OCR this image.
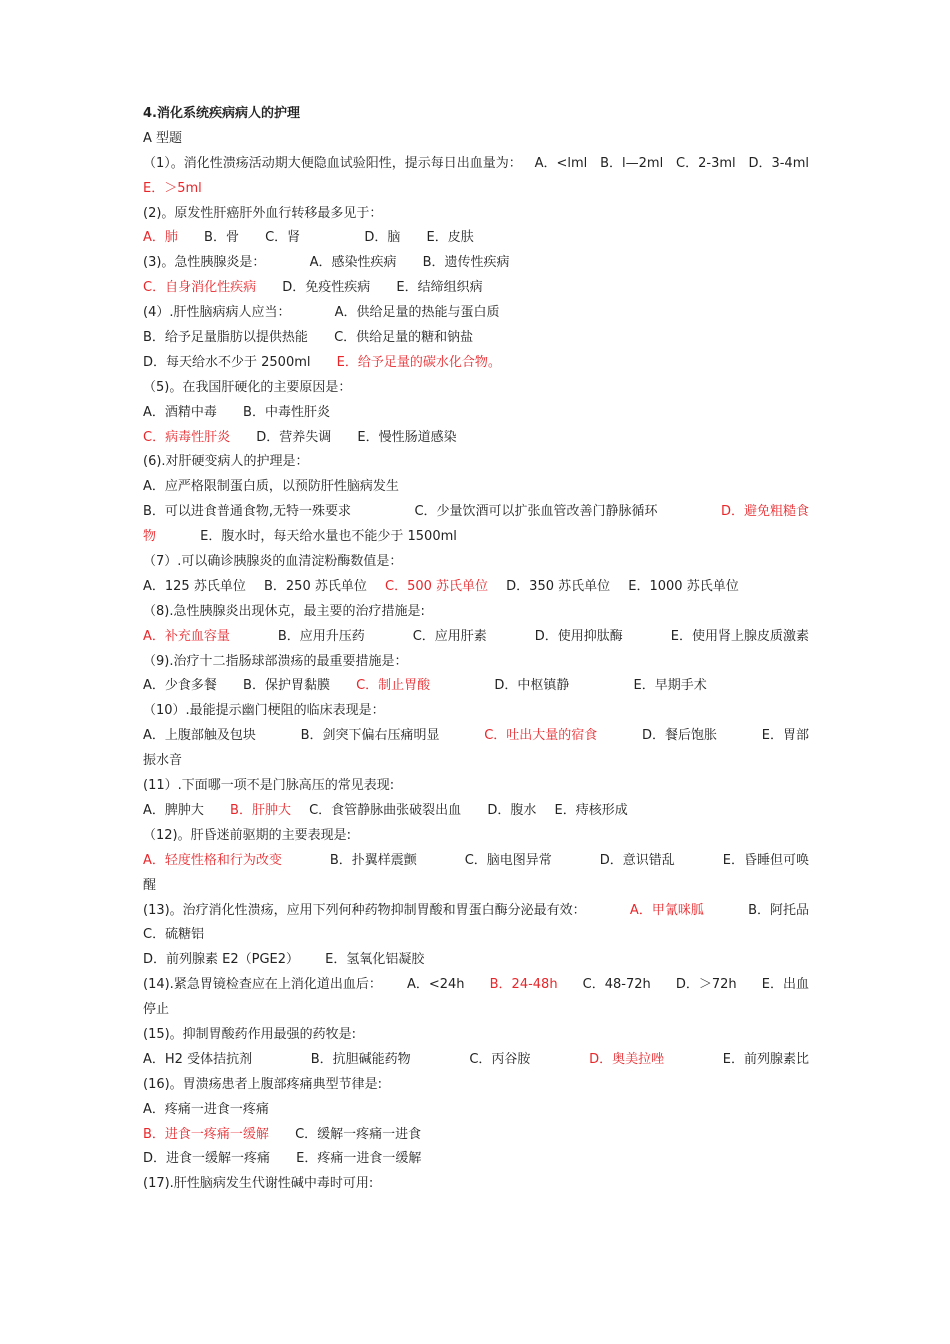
4.消化系统疾病病人的护理
A 型题
（1）。消化性溃疡活动期大便隐血试验阳性，提示每日出血量为： A．<lml B．l—2ml C．2-3ml D．3-4ml
E．＞5ml
(2)。原发性肝癌肝外血行转移最多见于：
A．肺 B．骨 C．肾	D．脑 E．皮肤
(3)。急性胰腺炎是：	A．感染性疾病 B．遗传性疾病
C．自身消化性疾病 D．免疫性疾病 E．结缔组织病
(4）.肝性脑病病人应当：	A．供给足量的热能与蛋白质
B．给予足量脂肪以提供热能 C．供给足量的糖和钠盐
D．每天给水不少于 2500ml E．给予足量的碳水化合物。
（5)。在我国肝硬化的主要原因是：
A．酒精中毒 B．中毒性肝炎
C．病毒性肝炎 D．营养失调 E．慢性肠道感染
(6).对肝硬变病人的护理是：
A．应严格限制蛋白质，以预防肝性脑病发生
B．可以进食普通食物,无特一殊要求	C．少量饮酒可以扩张血管改善门静脉循环	D．避免粗糙食
物	E．腹水时，每天给水量也不能少于 1500ml
（7）.可以确诊胰腺炎的血清淀粉酶数值是：
A．125 苏氏单位 B．250 苏氏单位 C．500 苏氏单位 D．350 苏氏单位 E．1000 苏氏单位
（8).急性胰腺炎出现休克，最主要的治疗措施是:
A．补充血容量	B．应用升压药	C．应用肝素	D．使用抑肽酶	E．使用肾上腺皮质激素
（9).治疗十二指肠球部溃疡的最重要措施是：
A．少食多餐 B．保护胃黏膜 C．制止胃酸	D．中枢镇静	E．早期手术
（10）.最能提示幽门梗阻的临床表现是：
A．上腹部触及包块	B．剑突下偏右压痛明显	C．吐出大量的宿食	D．餐后饱胀	E．胃部
振水音
(11）.下面哪一项不是门脉高压的常见表现:
A．脾肿大 B．肝肿大 C．食管静脉曲张破裂出血 D．腹水 E．痔核形成
（12)。肝昏迷前驱期的主要表现是:
A．轻度性格和行为改变	B．扑翼样震颤	C．脑电图异常	D．意识错乱	E．昏睡但可唤
醒
(13)。治疗消化性溃疡，应用下列何种药物抑制胃酸和胃蛋白酶分泌最有效：	A．甲氰咪胍	B．阿托品
C．硫糖铝
D．前列腺素 E2（PGE2） E．氢氧化铝凝胶
(14).紧急胃镜检查应在上消化道出血后： A．<24h B．24-48h C．48-72h D．＞72h E．出血
停止
(15)。抑制胃酸药作用最强的药牧是:
A．H2 受体拮抗剂	B．抗胆碱能药物	C．丙谷胺	D．奥美拉唑	E．前列腺素比
(16)。胃溃疡患者上腹部疼痛典型节律是:
A．疼痛一进食一疼痛
B．进食一疼痛一缓解 C．缓解一疼痛一进食
D．进食一缓解一疼痛 E．疼痛一进食一缓解
(17).肝性脑病发生代谢性碱中毒时可用:
